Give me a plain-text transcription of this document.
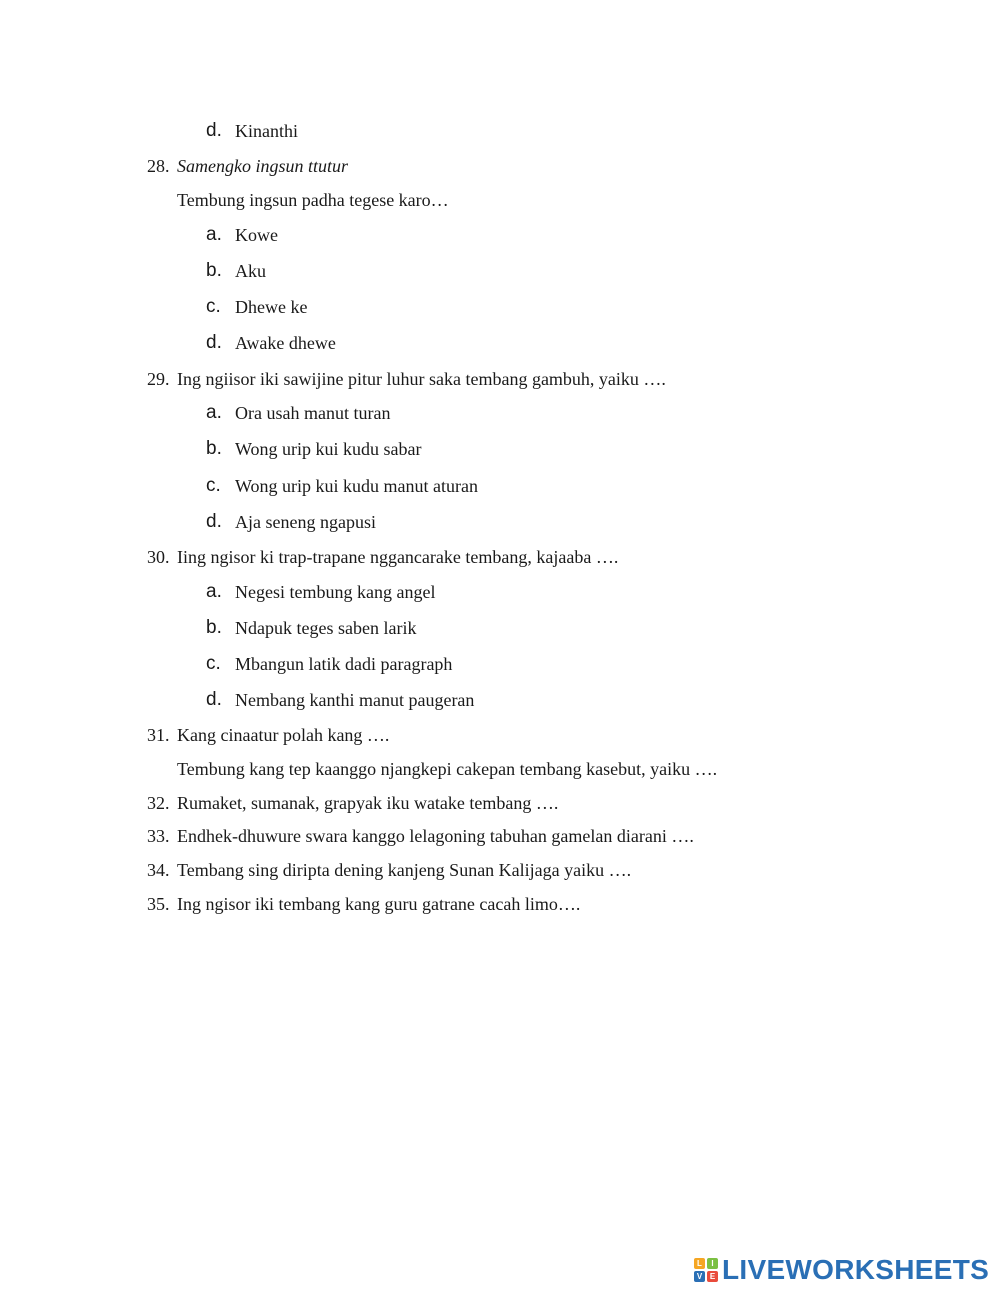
d. Kinanthi
28. Samengko ingsun ttutur
Tembung ingsun padha tegese karo…
a. Kowe
b. Aku
c. Dhewe ke
d. Awake dhewe
29. Ing ngiisor iki sawijine pitur luhur saka tembang gambuh, yaiku ….
a. Ora usah manut turan
b. Wong urip kui kudu sabar
c. Wong urip kui kudu manut aturan
d. Aja seneng ngapusi
30. Iing ngisor ki trap-trapane nggancarake tembang, kajaaba ….
a. Negesi tembung kang angel
b. Ndapuk teges saben larik
c. Mbangun latik dadi paragraph
d. Nembang kanthi manut paugeran
31. Kang cinaatur polah kang ….
Tembung kang tep kaanggo njangkepi cakepan tembang kasebut, yaiku ….
32. Rumaket, sumanak, grapyak iku watake tembang ….
33. Endhek-dhuwure swara kanggo lelagoning tabuhan gamelan diarani ….
34. Tembang sing diripta dening kanjeng Sunan Kalijaga yaiku ….
35. Ing ngisor iki tembang kang guru gatrane cacah limo….
L	I
V E LIVEWORKSHEETS
